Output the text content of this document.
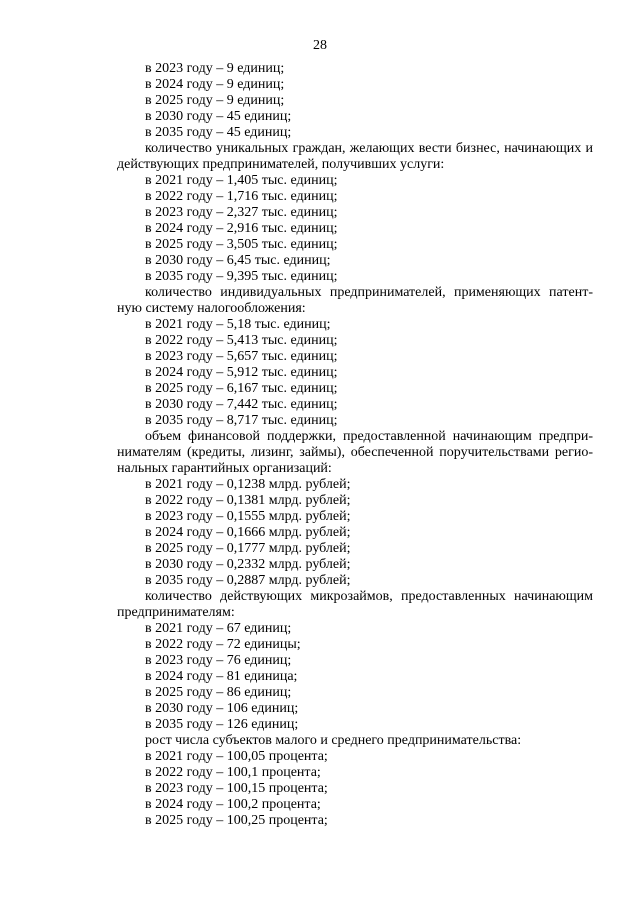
28
в 2023 году – 9 единиц;
в 2024 году – 9 единиц;
в 2025 году – 9 единиц;
в 2030 году – 45 единиц;
в 2035 году – 45 единиц;
количество уникальных граждан, желающих вести бизнес, начинающих и
действующих предпринимателей, получивших услуги:
в 2021 году – 1,405 тыс. единиц;
в 2022 году – 1,716 тыс. единиц;
в 2023 году – 2,327 тыс. единиц;
в 2024 году – 2,916 тыс. единиц;
в 2025 году – 3,505 тыс. единиц;
в 2030 году – 6,45 тыс. единиц;
в 2035 году – 9,395 тыс. единиц;
количество индивидуальных предпринимателей, применяющих патент-
ную систему налогообложения:
в 2021 году – 5,18 тыс. единиц;
в 2022 году – 5,413 тыс. единиц;
в 2023 году – 5,657 тыс. единиц;
в 2024 году – 5,912 тыс. единиц;
в 2025 году – 6,167 тыс. единиц;
в 2030 году – 7,442 тыс. единиц;
в 2035 году – 8,717 тыс. единиц;
объем финансовой поддержки, предоставленной начинающим предпри-
нимателям (кредиты, лизинг, займы), обеспеченной поручительствами регио-
нальных гарантийных организаций:
в 2021 году – 0,1238 млрд. рублей;
в 2022 году – 0,1381 млрд. рублей;
в 2023 году – 0,1555 млрд. рублей;
в 2024 году – 0,1666 млрд. рублей;
в 2025 году – 0,1777 млрд. рублей;
в 2030 году – 0,2332 млрд. рублей;
в 2035 году – 0,2887 млрд. рублей;
количество действующих микрозаймов, предоставленных начинающим
предпринимателям:
в 2021 году – 67 единиц;
в 2022 году – 72 единицы;
в 2023 году – 76 единиц;
в 2024 году – 81 единица;
в 2025 году – 86 единиц;
в 2030 году – 106 единиц;
в 2035 году – 126 единиц;
рост числа субъектов малого и среднего предпринимательства:
в 2021 году – 100,05 процента;
в 2022 году – 100,1 процента;
в 2023 году – 100,15 процента;
в 2024 году – 100,2 процента;
в 2025 году – 100,25 процента;
